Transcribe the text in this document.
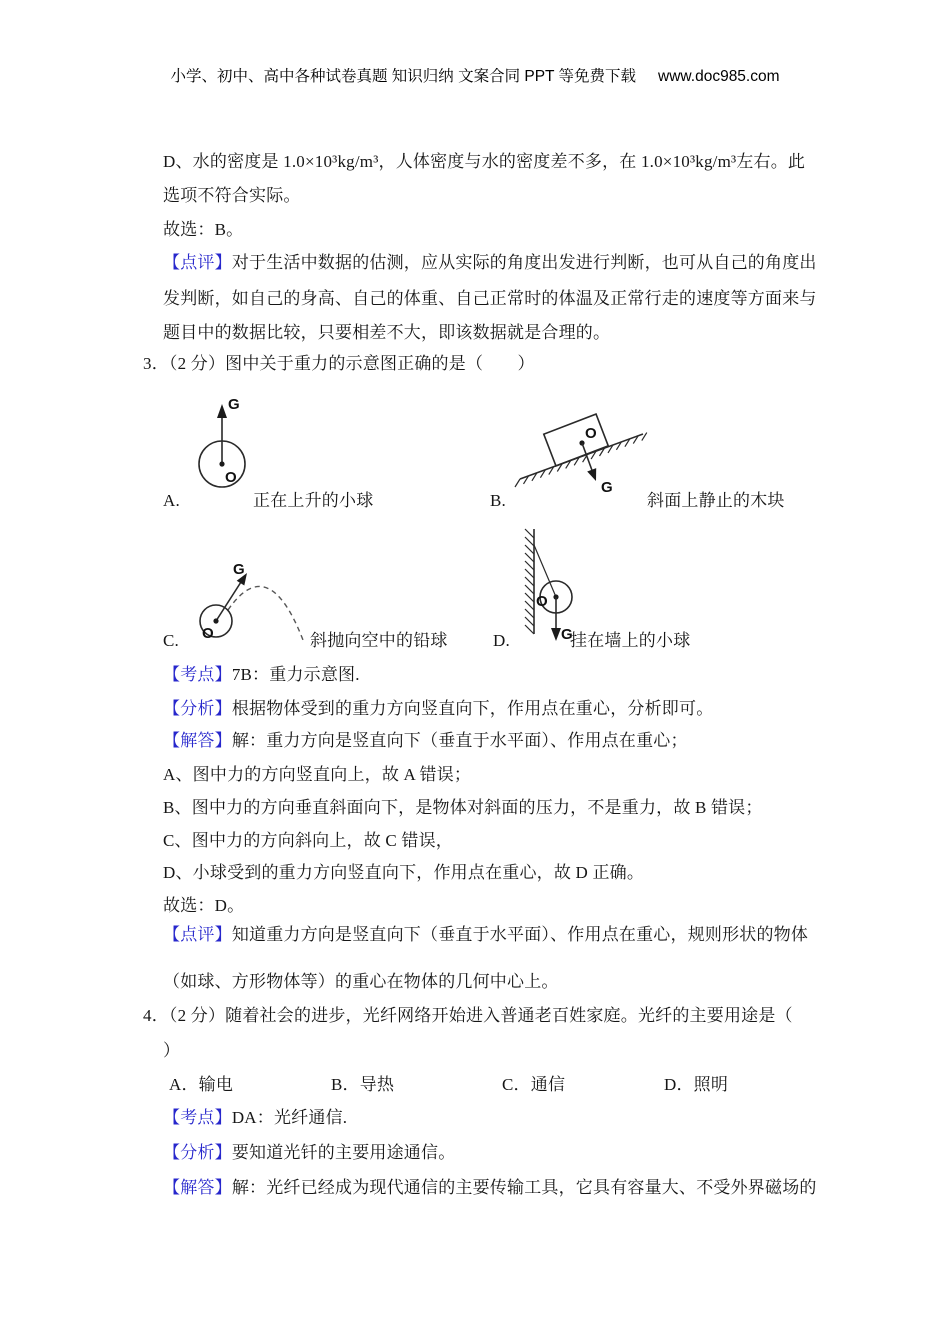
小学、初中、高中各种试卷真题 知识归纳 文案合同 PPT 等免费下载 www.doc985.com
D、水的密度是 1.0×10³kg/m³，人体密度与水的密度差不多，在 1.0×10³kg/m³左右。此
选项不符合实际。
故选：B。
【点评】对于生活中数据的估测，应从实际的角度出发进行判断，也可从自己的角度出
发判断，如自己的身高、自己的体重、自己正常时的体温及正常行走的速度等方面来与
题目中的数据比较，只要相差不大，即该数据就是合理的。
3．（2 分）图中关于重力的示意图正确的是（　　）
G
O
O
G
A.	正在上升的小球	B.	斜面上静止的木块
G
O
O
G
C.	斜抛向空中的铅球	D.	挂在墙上的小球
【考点】7B：重力示意图.
【分析】根据物体受到的重力方向竖直向下，作用点在重心，分析即可。
【解答】解：重力方向是竖直向下（垂直于水平面）、作用点在重心；
A、图中力的方向竖直向上，故 A 错误；
B、图中力的方向垂直斜面向下，是物体对斜面的压力，不是重力，故 B 错误；
C、图中力的方向斜向上，故 C 错误，
D、小球受到的重力方向竖直向下，作用点在重心，故 D 正确。
故选：D。
【点评】知道重力方向是竖直向下（垂直于水平面）、作用点在重心，规则形状的物体
（如球、方形物体等）的重心在物体的几何中心上。
4．（2 分）随着社会的进步，光纤网络开始进入普通老百姓家庭。光纤的主要用途是（
）
A．输电	B．导热	C．通信	D．照明
【考点】DA：光纤通信.
【分析】要知道光钎的主要用途通信。
【解答】解：光纤已经成为现代通信的主要传输工具，它具有容量大、不受外界磁场的
